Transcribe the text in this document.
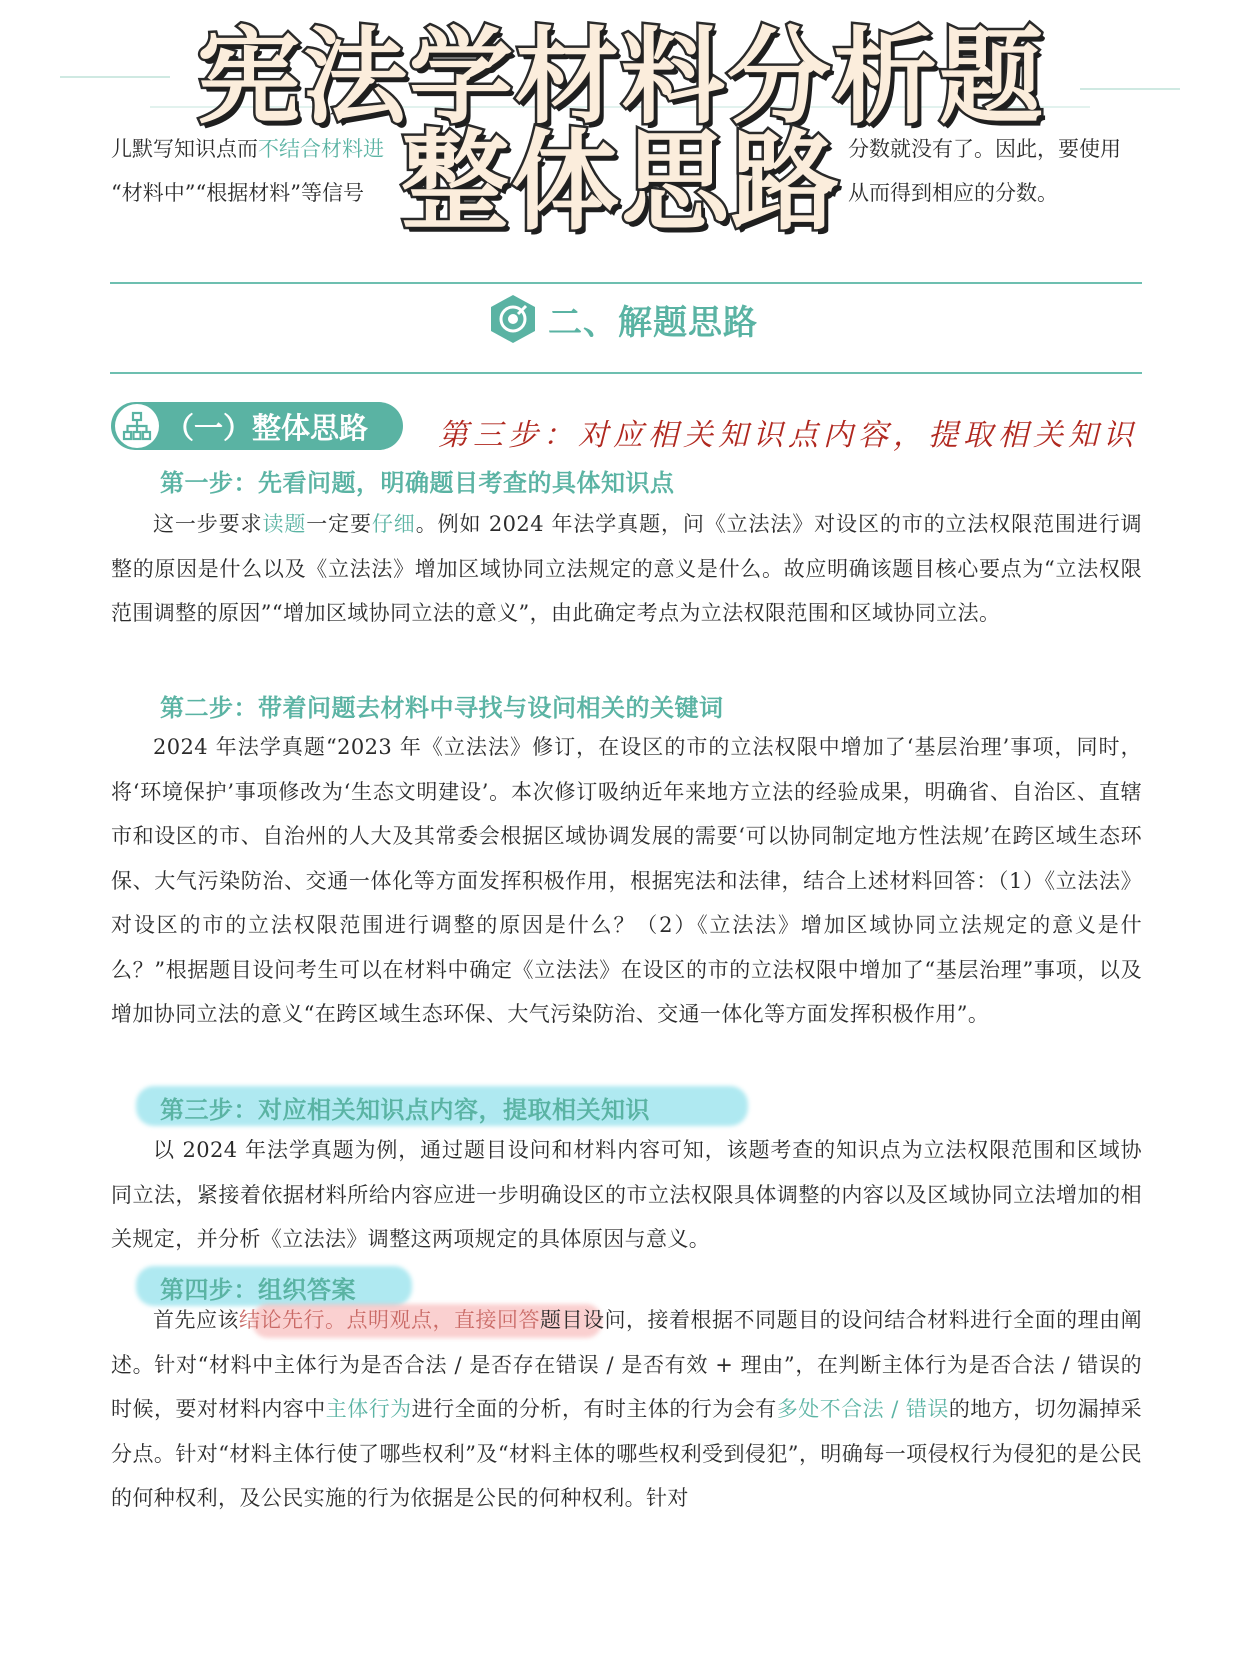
儿默写知识点而不结合材料进	分数就没有了。因此，要使用
“材料中”“根据材料”等信号	从而得到相应的分数。
宪法学材料分析题
整体思路
二、解题思路
（一）整体思路 第三步：对应相关知识点内容，提取相关知识
第一步：先看问题，明确题目考查的具体知识点
这一步要求读题一定要仔细。例如 2024 年法学真题，问《立法法》对设区的市的立法权限范围进行调整的原因是什么以及《立法法》增加区域协同立法规定的意义是什么。故应明确该题目核心要点为“立法权限范围调整的原因”“增加区域协同立法的意义”，由此确定考点为立法权限范围和区域协同立法。
第二步：带着问题去材料中寻找与设问相关的关键词
2024 年法学真题“2023 年《立法法》修订，在设区的市的立法权限中增加了‘基层治理’事项，同时，将‘环境保护’事项修改为‘生态文明建设’。本次修订吸纳近年来地方立法的经验成果，明确省、自治区、直辖市和设区的市、自治州的人大及其常委会根据区域协调发展的需要‘可以协同制定地方性法规’在跨区域生态环保、大气污染防治、交通一体化等方面发挥积极作用，根据宪法和法律，结合上述材料回答：（1）《立法法》对设区的市的立法权限范围进行调整的原因是什么？（2）《立法法》增加区域协同立法规定的意义是什么？”根据题目设问考生可以在材料中确定《立法法》在设区的市的立法权限中增加了“基层治理”事项，以及增加协同立法的意义“在跨区域生态环保、大气污染防治、交通一体化等方面发挥积极作用”。
第三步：对应相关知识点内容，提取相关知识
以 2024 年法学真题为例，通过题目设问和材料内容可知，该题考查的知识点为立法权限范围和区域协同立法，紧接着依据材料所给内容应进一步明确设区的市立法权限具体调整的内容以及区域协同立法增加的相关规定，并分析《立法法》调整这两项规定的具体原因与意义。
第四步：组织答案
首先应该结论先行。点明观点，直接回答题目设问，接着根据不同题目的设问结合材料进行全面的理由阐述。针对“材料中主体行为是否合法 / 是否存在错误 / 是否有效 + 理由”，在判断主体行为是否合法 / 错误的时候，要对材料内容中主体行为进行全面的分析，有时主体的行为会有多处不合法 / 错误的地方，切勿漏掉采分点。针对“材料主体行使了哪些权利”及“材料主体的哪些权利受到侵犯”，明确每一项侵权行为侵犯的是公民的何种权利，及公民实施的行为依据是公民的何种权利。针对
